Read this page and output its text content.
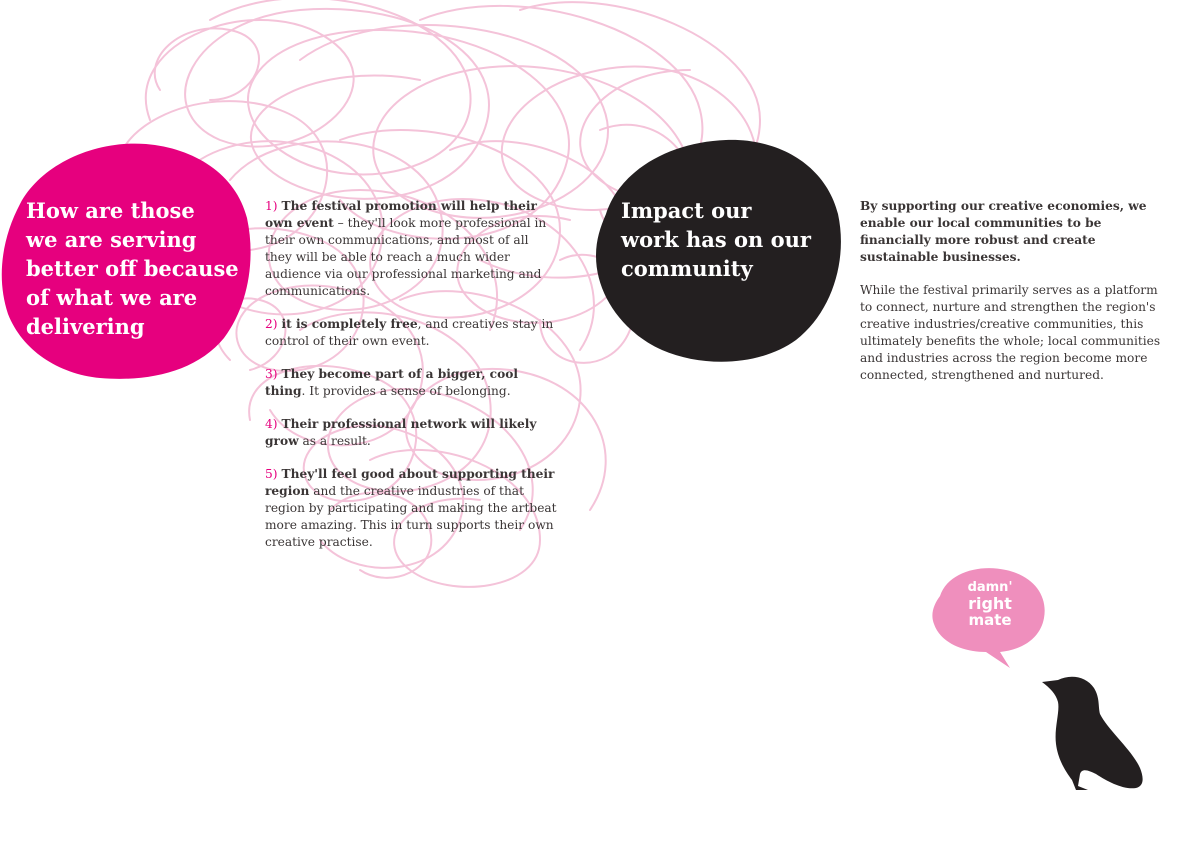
How are those
we are serving
better off because
of what we are
delivering

1) The festival promotion will help their own event – they'll look more professional in their own communications, and most of all they will be able to reach a much wider audience via our professional marketing and communications.

2) it is completely free, and creatives stay in control of their own event.

3) They become part of a bigger, cool thing. It provides a sense of belonging.

4) Their professional network will likely grow as a result.

5) They'll feel good about supporting their region and the creative industries of that region by participating and making the artbeat more amazing. This in turn supports their own creative practise.

Impact our
work has on our
community

By supporting our creative economies, we enable our local communities to be financially more robust and create sustainable businesses.

While the festival primarily serves as a platform to connect, nurture and strengthen the region's creative industries/creative communities, this ultimately benefits the whole; local communities and industries across the region become more connected, strengthened and nurtured.

damn'
right
mate
